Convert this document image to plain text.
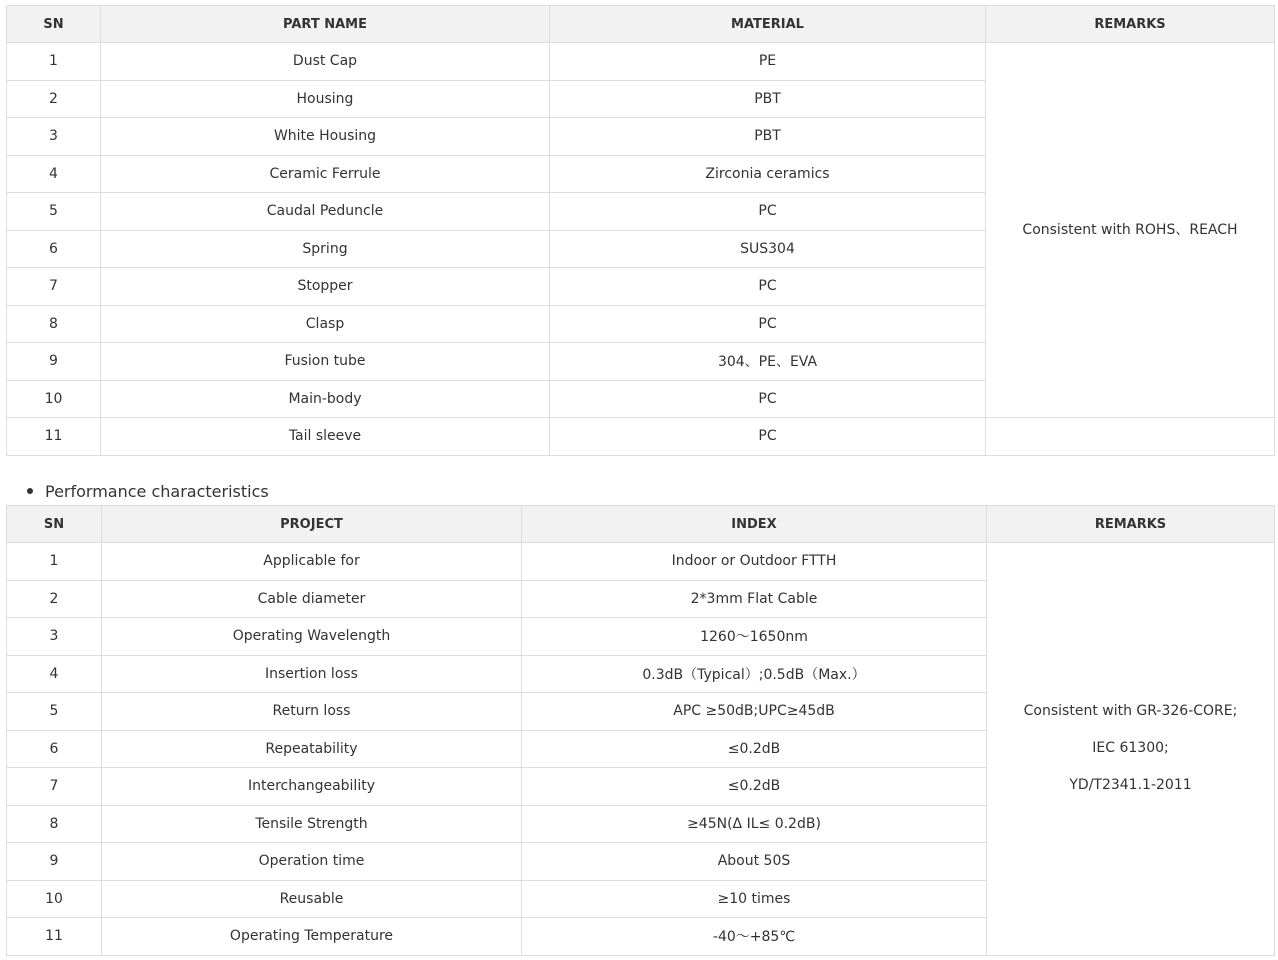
SN	PART NAME	MATERIAL	REMARKS
1	Dust Cap	PE	Consistent with ROHS、REACH
2	Housing	PBT	
3	White Housing	PBT	
4	Ceramic Ferrule	Zirconia ceramics	
5	Caudal Peduncle	PC	
6	Spring	SUS304	
7	Stopper	PC	
8	Clasp	PC	
9	Fusion tube	304、PE、EVA	
10	Main-body	PC	
11	Tail sleeve	PC	
Performance characteristics
SN	PROJECT	INDEX	REMARKS
1	Applicable for	Indoor or Outdoor FTTH	Consistent with GR-326-CORE;
IEC 61300;
YD/T2341.1-2011

2	Cable diameter	2*3mm Flat Cable	
3	Operating Wavelength	1260～1650nm	
4	Insertion loss	0.3dB（Typical）;0.5dB（Max.）	
5	Return loss	APC ≥50dB;UPC≥45dB	
6	Repeatability	≤0.2dB	
7	Interchangeability	≤0.2dB	
8	Tensile Strength	≥45N(Δ IL≤ 0.2dB)	
9	Operation time	About 50S	
10	Reusable	≥10 times	
11	Operating Temperature	-40～+85℃	
